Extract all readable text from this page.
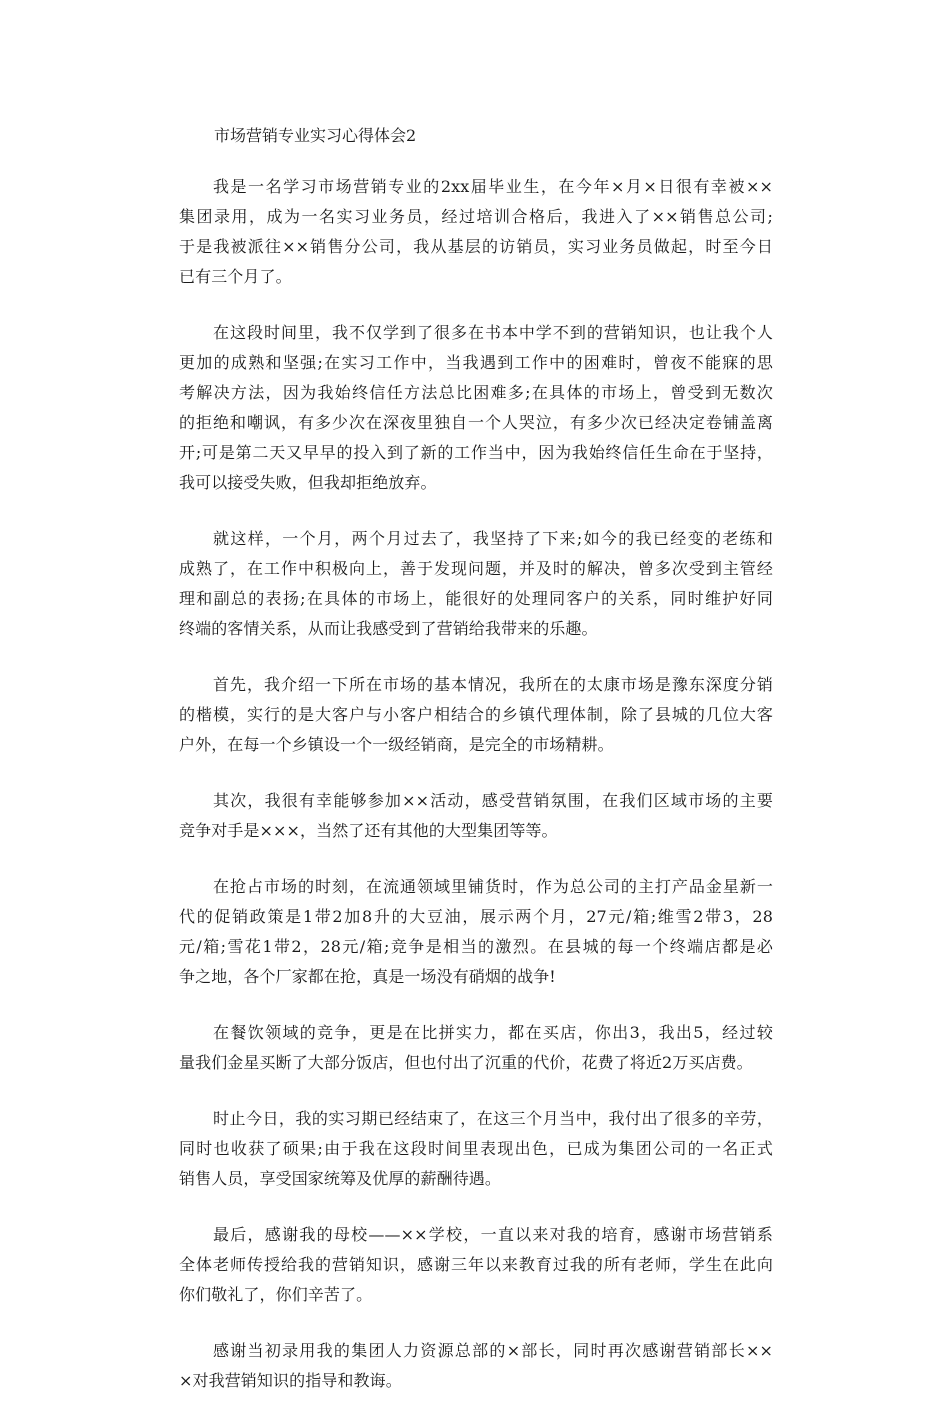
市场营销专业实习心得体会2

我是一名学习市场营销专业的2xx届毕业生，在今年×月×日很有幸被××
集团录用，成为一名实习业务员，经过培训合格后，我进入了××销售总公司;
于是我被派往××销售分公司，我从基层的访销员，实习业务员做起，时至今日
已有三个月了。

在这段时间里，我不仅学到了很多在书本中学不到的营销知识，也让我个人
更加的成熟和坚强;在实习工作中，当我遇到工作中的困难时，曾夜不能寐的思
考解决方法，因为我始终信任方法总比困难多;在具体的市场上，曾受到无数次
的拒绝和嘲讽，有多少次在深夜里独自一个人哭泣，有多少次已经决定卷铺盖离
开;可是第二天又早早的投入到了新的工作当中，因为我始终信任生命在于坚持，
我可以接受失败，但我却拒绝放弃。

就这样，一个月，两个月过去了，我坚持了下来;如今的我已经变的老练和
成熟了，在工作中积极向上，善于发现问题，并及时的解决，曾多次受到主管经
理和副总的表扬;在具体的市场上，能很好的处理同客户的关系，同时维护好同
终端的客情关系，从而让我感受到了营销给我带来的乐趣。

首先，我介绍一下所在市场的基本情况，我所在的太康市场是豫东深度分销
的楷模，实行的是大客户与小客户相结合的乡镇代理体制，除了县城的几位大客
户外，在每一个乡镇设一个一级经销商，是完全的市场精耕。

其次，我很有幸能够参加××活动，感受营销氛围，在我们区域市场的主要
竞争对手是×××，当然了还有其他的大型集团等等。

在抢占市场的时刻，在流通领域里铺货时，作为总公司的主打产品金星新一
代的促销政策是1带2加8升的大豆油，展示两个月，27元/箱;维雪2带3，28
元/箱;雪花1带2，28元/箱;竞争是相当的激烈。在县城的每一个终端店都是必
争之地，各个厂家都在抢，真是一场没有硝烟的战争!

在餐饮领域的竞争，更是在比拼实力，都在买店，你出3，我出5，经过较
量我们金星买断了大部分饭店，但也付出了沉重的代价，花费了将近2万买店费。

时止今日，我的实习期已经结束了，在这三个月当中，我付出了很多的辛劳，
同时也收获了硕果;由于我在这段时间里表现出色，已成为集团公司的一名正式
销售人员，享受国家统筹及优厚的薪酬待遇。

最后，感谢我的母校——××学校，一直以来对我的培育，感谢市场营销系
全体老师传授给我的营销知识，感谢三年以来教育过我的所有老师，学生在此向
你们敬礼了，你们辛苦了。

感谢当初录用我的集团人力资源总部的×部长，同时再次感谢营销部长××
×对我营销知识的指导和教诲。
